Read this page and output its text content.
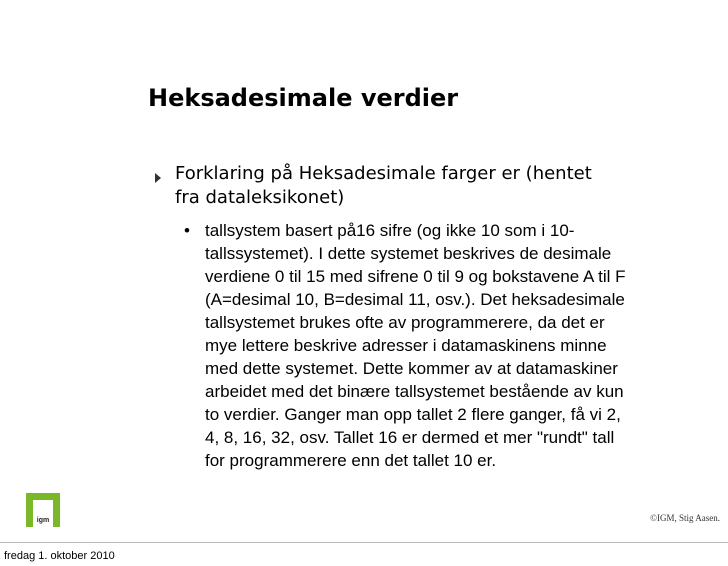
Heksadesimale verdier

Forklaring på Heksadesimale farger er (hentet fra dataleksikonet)

• tallsystem basert på16 sifre (og ikke 10 som i 10-tallssystemet). I dette systemet beskrives de desimale verdiene 0 til 15 med sifrene 0 til 9 og bokstavene A til F (A=desimal 10, B=desimal 11, osv.). Det heksadesimale tallsystemet brukes ofte av programmerere, da det er mye lettere beskrive adresser i datamaskinens minne med dette systemet. Dette kommer av at datamaskiner arbeidet med det binære tallsystemet bestående av kun to verdier. Ganger man opp tallet 2 flere ganger, få vi 2, 4, 8, 16, 32, osv. Tallet 16 er dermed et mer "rundt" tall for programmerere enn det tallet 10 er.

igm	©IGM, Stig Aasen.

fredag 1. oktober 2010
